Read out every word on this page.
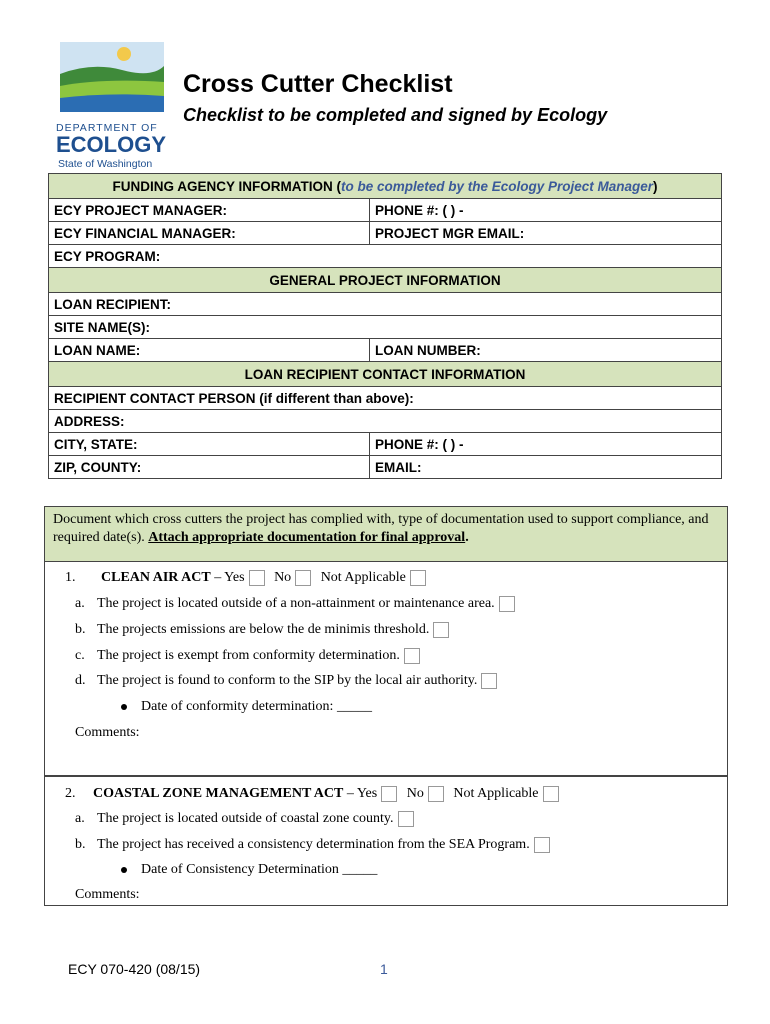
DEPARTMENT OF
ECOLOGY
State of Washington
Cross Cutter Checklist
Checklist to be completed and signed by Ecology
FUNDING AGENCY INFORMATION (to be completed by the Ecology Project Manager)	
ECY PROJECT MANAGER:	PHONE #: ( ) -
ECY FINANCIAL MANAGER:	PROJECT MGR EMAIL:
ECY PROGRAM:	
GENERAL PROJECT INFORMATION	
LOAN RECIPIENT:	
SITE NAME(S):	
LOAN NAME:	LOAN NUMBER:
LOAN RECIPIENT CONTACT INFORMATION	
RECIPIENT CONTACT PERSON (if different than above):	
ADDRESS:	
CITY, STATE:	PHONE #: ( ) -
ZIP, COUNTY:	EMAIL:
Document which cross cutters the project has complied with, type of documentation used to support compliance, and required date(s). Attach appropriate documentation for final approval.
1. CLEAN AIR ACT – Yes No Not Applicable
a. The project is located outside of a non-attainment or maintenance area.
b. The projects emissions are below the de minimis threshold.
c. The project is exempt from conformity determination.
d. The project is found to conform to the SIP by the local air authority.
Date of conformity determination: _____
Comments:
2. COASTAL ZONE MANAGEMENT ACT – Yes No Not Applicable
a. The project is located outside of coastal zone county.
b. The project has received a consistency determination from the SEA Program.
Date of Consistency Determination _____
Comments:
ECY 070-420 (08/15)	1
